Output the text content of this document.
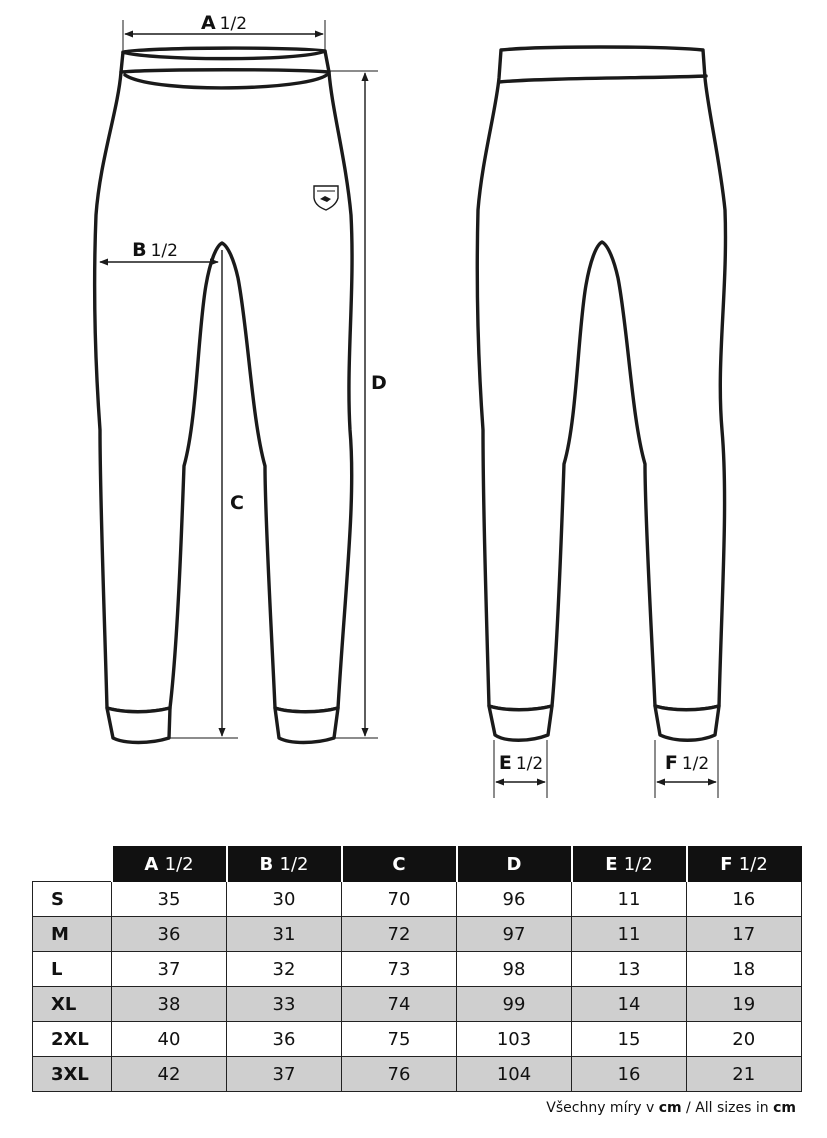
A 1/2
B 1/2
C
D
E 1/2	F 1/2
	A 1/2	B 1/2	C	D	E 1/2	F 1/2
S	35	30	70	96	11	16
M	36	31	72	97	11	17
L	37	32	73	98	13	18
XL	38	33	74	99	14	19
2XL	40	36	75	103	15	20
3XL	42	37	76	104	16	21
Všechny míry v cm / All sizes in cm
